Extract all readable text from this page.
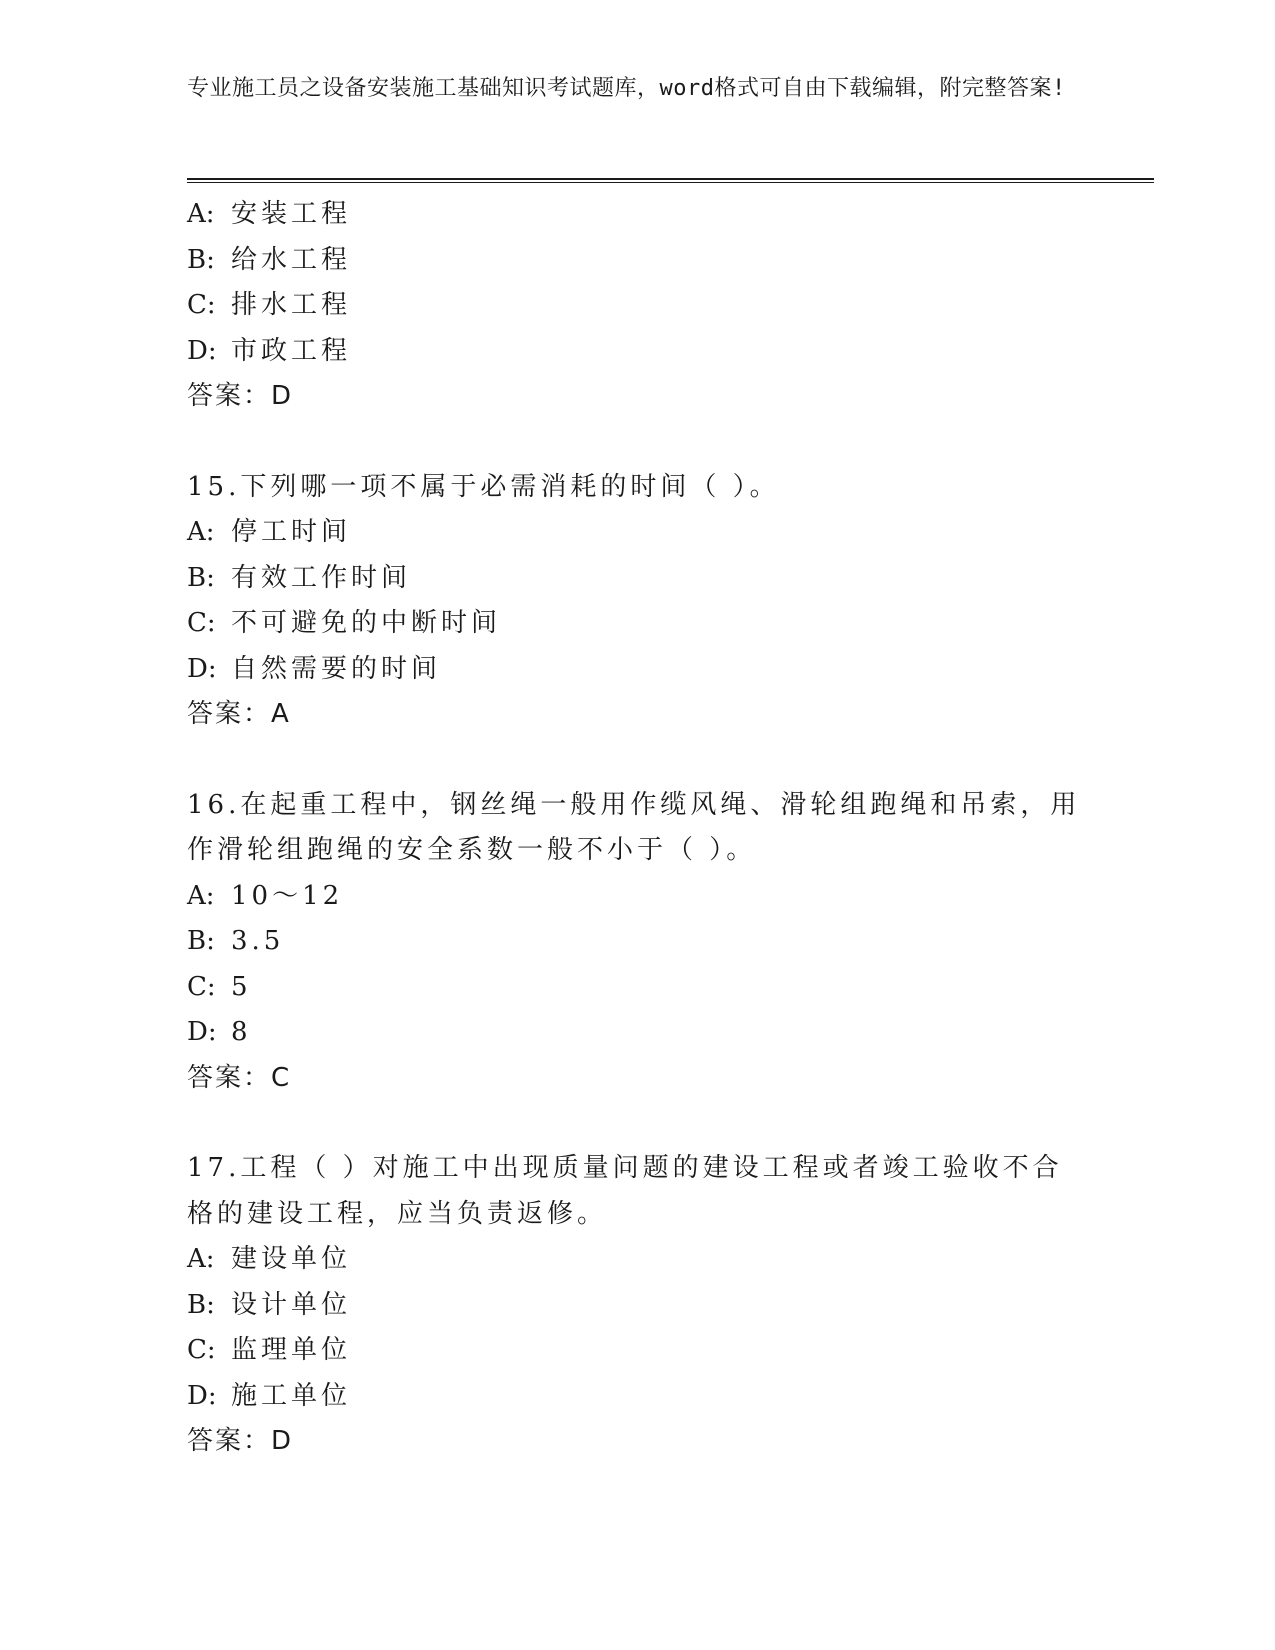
专业施工员之设备安装施工基础知识考试题库，word格式可自由下载编辑，附完整答案!
A: 安装工程
B: 给水工程
C: 排水工程
D: 市政工程
答案：D
15.下列哪一项不属于必需消耗的时间（ ）。
A: 停工时间
B: 有效工作时间
C: 不可避免的中断时间
D: 自然需要的时间
答案：A
16.在起重工程中，钢丝绳一般用作缆风绳、滑轮组跑绳和吊索，用作滑轮组跑绳的安全系数一般不小于（ ）。
A: 10～12
B: 3.5
C: 5
D: 8
答案：C
17.工程（ ）对施工中出现质量问题的建设工程或者竣工验收不合格的建设工程，应当负责返修。
A: 建设单位
B: 设计单位
C: 监理单位
D: 施工单位
答案：D
